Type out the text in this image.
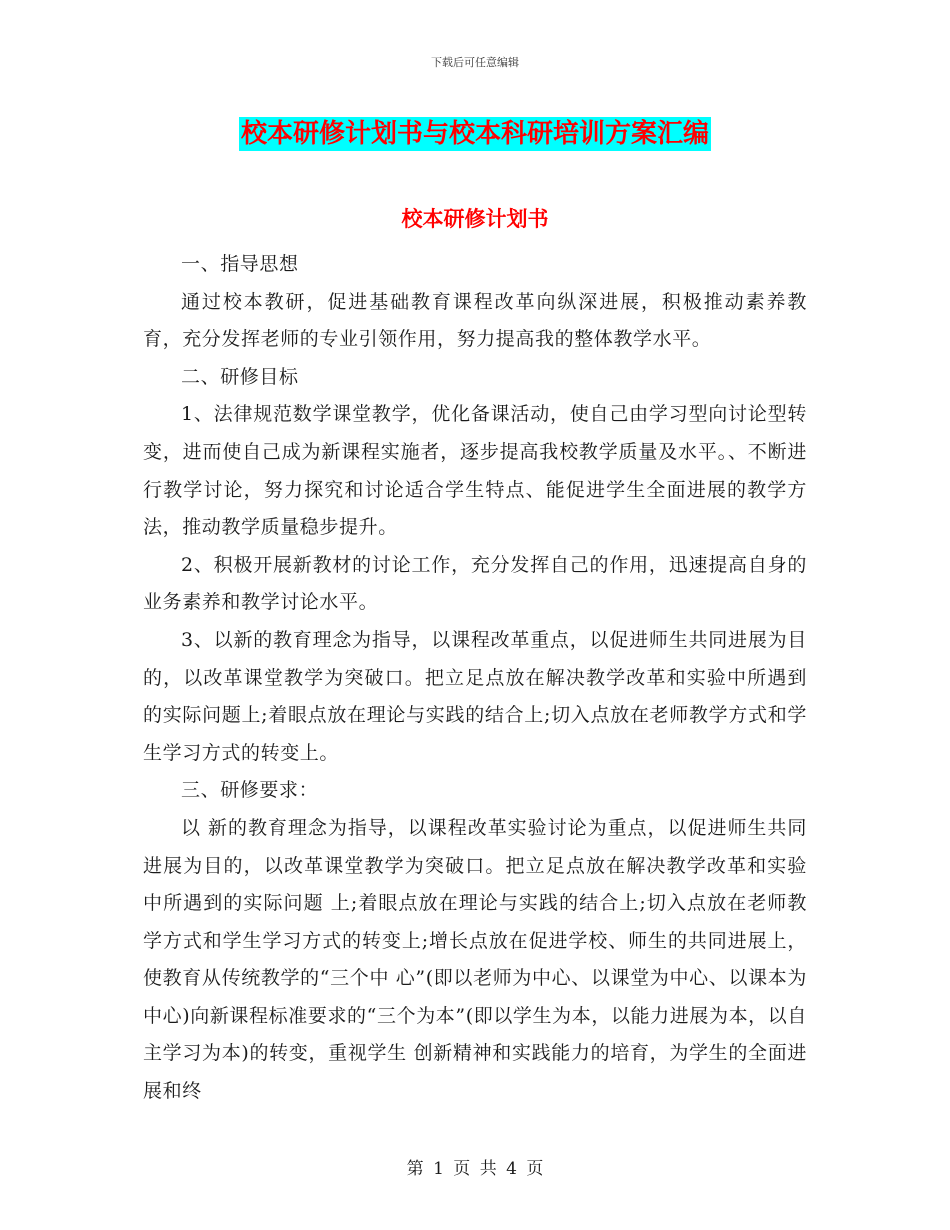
下载后可任意编辑
校本研修计划书与校本科研培训方案汇编
校本研修计划书

一、指导思想

通过校本教研，促进基础教育课程改革向纵深进展，积极推动素养教育，充分发挥老师的专业引领作用，努力提高我的整体教学水平。

二、研修目标

1、法律规范数学课堂教学，优化备课活动，使自己由学习型向讨论型转变，进而使自己成为新课程实施者，逐步提高我校教学质量及水平。、不断进行教学讨论，努力探究和讨论适合学生特点、能促进学生全面进展的教学方法，推动教学质量稳步提升。

2、积极开展新教材的讨论工作，充分发挥自己的作用，迅速提高自身的业务素养和教学讨论水平。

3、以新的教育理念为指导，以课程改革重点，以促进师生共同进展为目的，以改革课堂教学为突破口。把立足点放在解决教学改革和实验中所遇到的实际问题上;着眼点放在理论与实践的结合上;切入点放在老师教学方式和学生学习方式的转变上。

三、研修要求：

以 新的教育理念为指导，以课程改革实验讨论为重点，以促进师生共同进展为目的，以改革课堂教学为突破口。把立足点放在解决教学改革和实验中所遇到的实际问题 上;着眼点放在理论与实践的结合上;切入点放在老师教学方式和学生学习方式的转变上;增长点放在促进学校、师生的共同进展上，使教育从传统教学的“三个中 心”(即以老师为中心、以课堂为中心、以课本为中心)向新课程标准要求的“三个为本”(即以学生为本，以能力进展为本，以自主学习为本)的转变，重视学生 创新精神和实践能力的培育，为学生的全面进展和终

第 1 页 共 4 页
